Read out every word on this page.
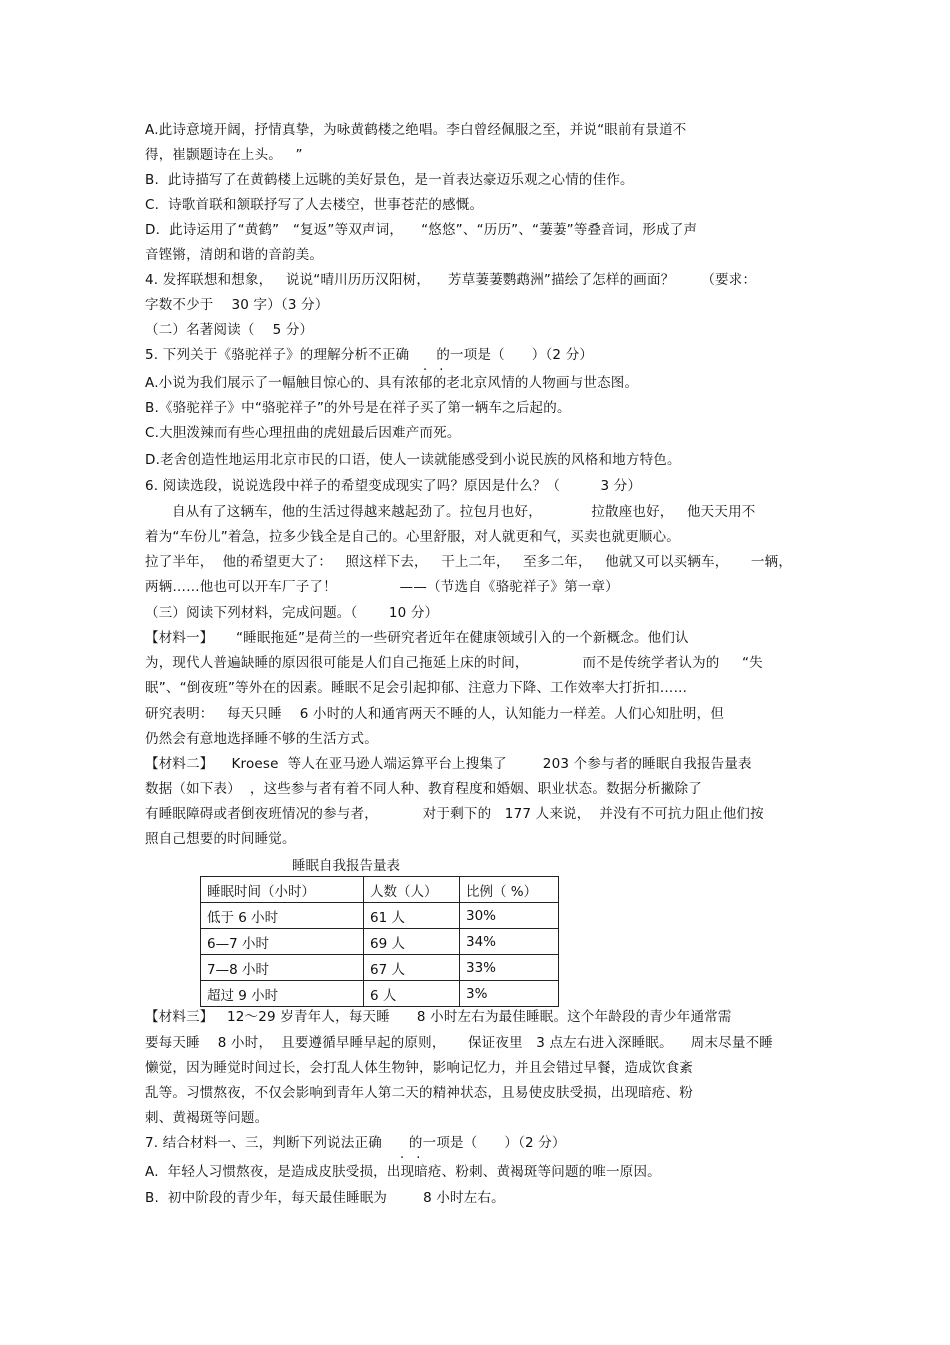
A.此诗意境开阔，抒情真挚，为咏黄鹤楼之绝唱。李白曾经佩服之至，并说“眼前有景道不
得，崔颢题诗在上头。   ”
B.  此诗描写了在黄鹤楼上远眺的美好景色，是一首表达豪迈乐观之心情的佳作。
C.  诗歌首联和颔联抒写了人去楼空，世事苍茫的感慨。
D.  此诗运用了“黄鹤”   “复返”等双声词，    “悠悠”、“历历”、“萋萋”等叠音词，形成了声
音铿锵，清朗和谐的音韵美。
4. 发挥联想和想象，   说说“晴川历历汉阳树，    芳草萋萋鹦鹉洲”描绘了怎样的画面？      （要求：
字数不少于    30 字）（3 分）
（二）名著阅读（    5 分）
5. 下列关于《骆驼祥子》的理解分析不正确      的一项是（      ）（2 分）
A.小说为我们展示了一幅触目惊心的、具有浓郁的老北京风情的人物画与世态图。
B.《骆驼祥子》中“骆驼祥子”的外号是在祥子买了第一辆车之后起的。
C.大胆泼辣而有些心理扭曲的虎妞最后因难产而死。
D.老舍创造性地运用北京市民的口语，使人一读就能感受到小说民族的风格和地方特色。
6. 阅读选段，说说选段中祥子的希望变成现实了吗？原因是什么？（         3 分）
自从有了这辆车，他的生活过得越来越起劲了。拉包月也好，           拉散座也好，   他天天用不
着为“车份儿”着急，拉多少钱全是自己的。心里舒服，对人就更和气，买卖也就更顺心。
拉了半年，  他的希望更大了：   照这样下去，   干上二年，   至多二年，   他就又可以买辆车，     一辆，
两辆……他也可以开车厂子了！              ——（节选自《骆驼祥子》第一章）
（三）阅读下列材料，完成问题。（       10 分）
【材料一】     “睡眠拖延”是荷兰的一些研究者近年在健康领域引入的一个新概念。他们认
为，现代人普遍缺睡的原因很可能是人们自己拖延上床的时间，            而不是传统学者认为的     “失
眠”、“倒夜班”等外在的因素。睡眠不足会引起抑郁、注意力下降、工作效率大打折扣……
研究表明：   每天只睡    6 小时的人和通宵两天不睡的人，认知能力一样差。人们心知肚明，但
仍然会有意地选择睡不够的生活方式。
【材料二】    Kroese  等人在亚马逊人端运算平台上搜集了        203 个参与者的睡眠自我报告量表
数据（如下表）  ，这些参与者有着不同人种、教育程度和婚姻、职业状态。数据分析撇除了
有睡眠障碍或者倒夜班情况的参与者，          对于剩下的   177 人来说，  并没有不可抗力阻止他们按
照自己想要的时间睡觉。
【材料三】   12～29 岁青年人，每天睡      8 小时左右为最佳睡眠。这个年龄段的青少年通常需
要每天睡    8 小时，  且要遵循早睡早起的原则，     保证夜里   3 点左右进入深睡眠。    周末尽量不睡
懒觉，因为睡觉时间过长，会打乱人体生物钟，影响记忆力，并且会错过早餐，造成饮食紊
乱等。习惯熬夜，不仅会影响到青年人第二天的精神状态，且易使皮肤受损，出现暗疮、粉
刺、黄褐斑等问题。
7. 结合材料一、三，判断下列说法正确      的一项是（      ）（2 分）
A.  年轻人习惯熬夜，是造成皮肤受损，出现暗疮、粉刺、黄褐斑等问题的唯一原因。
B.  初中阶段的青少年，每天最佳睡眠为        8 小时左右。
. .
. .
睡眠自我报告量表
睡眠时间（小时）	人数（人）	比例（ %）
低于 6 小时	61 人	30%
6—7 小时	69 人	34%
7—8 小时	67 人	33%
超过 9 小时	6 人	3%
